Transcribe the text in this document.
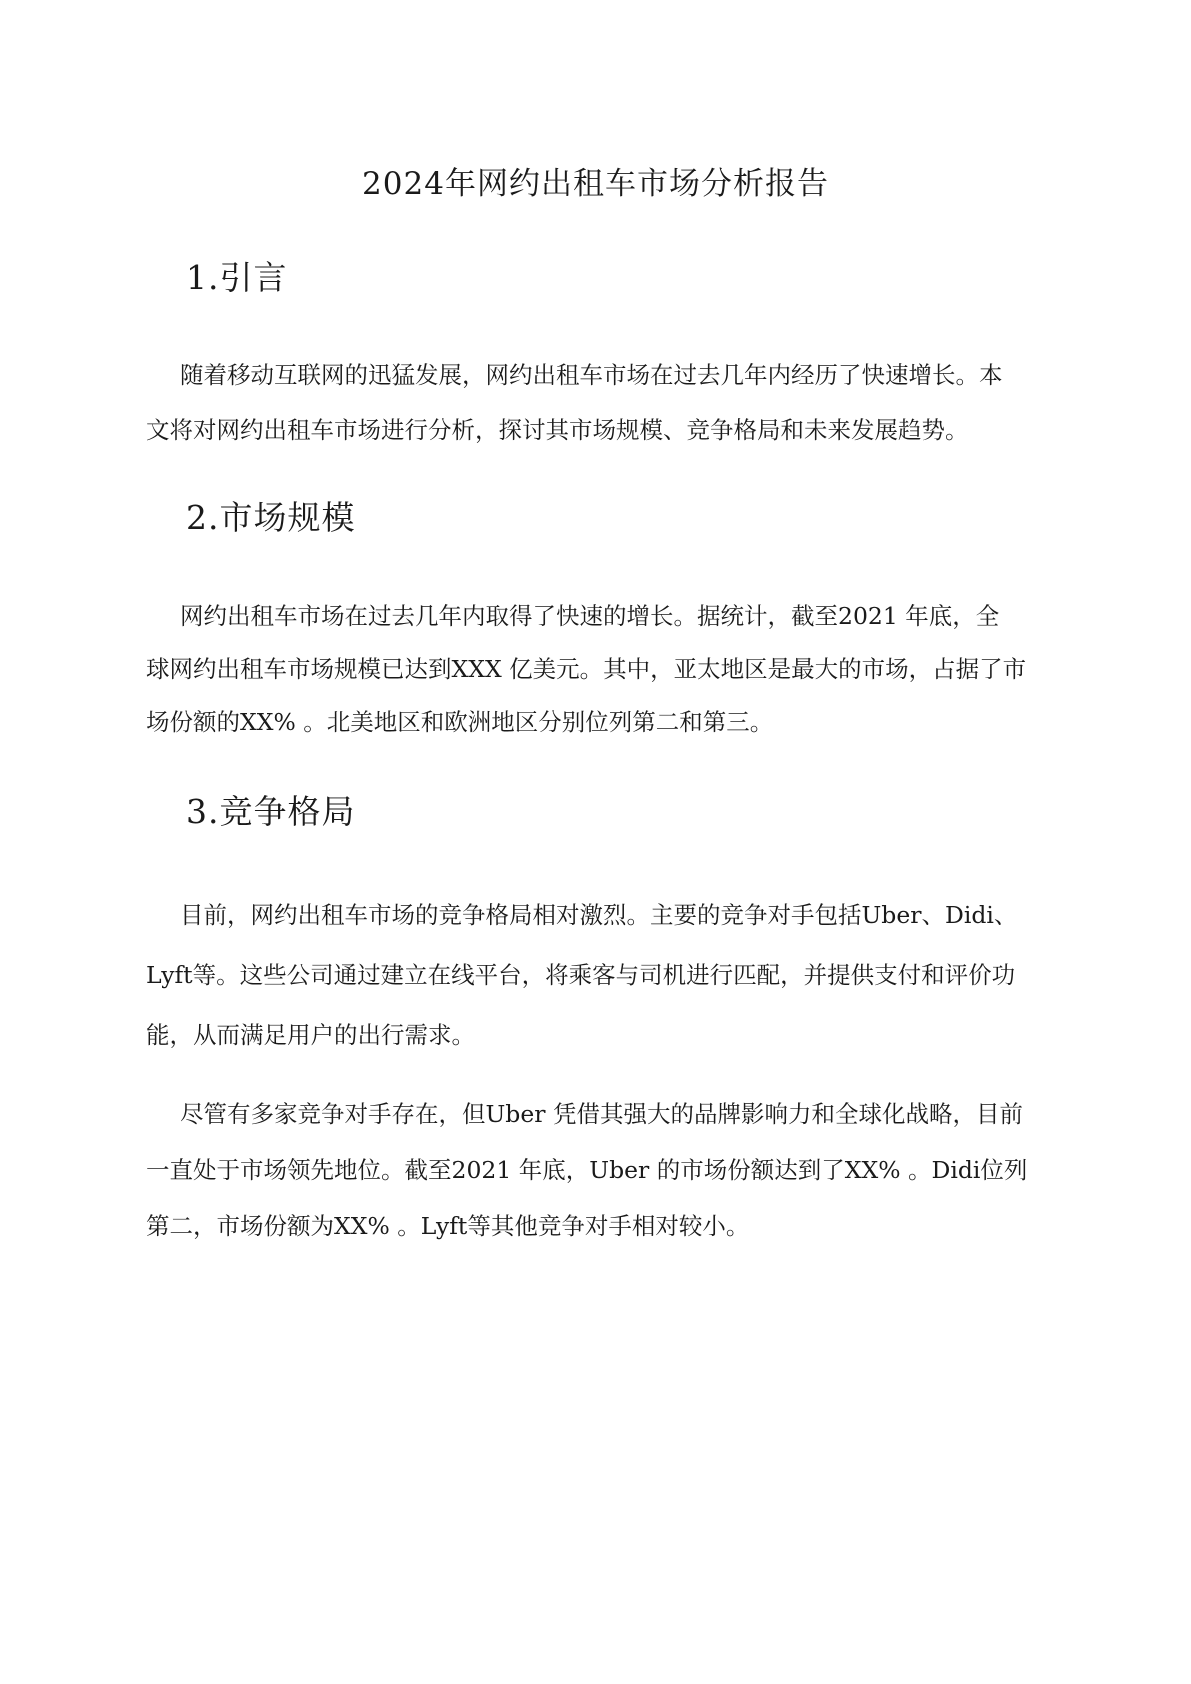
2024年网约出租车市场分析报告
1.引言

随着移动互联网的迅猛发展，网约出租车市场在过去几年内经历了快速增长。本
文将对网约出租车市场进行分析，探讨其市场规模、竞争格局和未来发展趋势。

2.市场规模

网约出租车市场在过去几年内取得了快速的增长。据统计，截至2021 年底，全
球网约出租车市场规模已达到XXX 亿美元。其中，亚太地区是最大的市场，占据了市
场份额的XX% 。北美地区和欧洲地区分别位列第二和第三。

3.竞争格局

目前，网约出租车市场的竞争格局相对激烈。主要的竞争对手包括Uber、Didi、
Lyft等。这些公司通过建立在线平台，将乘客与司机进行匹配，并提供支付和评价功
能，从而满足用户的出行需求。

尽管有多家竞争对手存在，但Uber 凭借其强大的品牌影响力和全球化战略，目前
一直处于市场领先地位。截至2021 年底，Uber 的市场份额达到了XX% 。Didi位列
第二，市场份额为XX% 。Lyft等其他竞争对手相对较小。
